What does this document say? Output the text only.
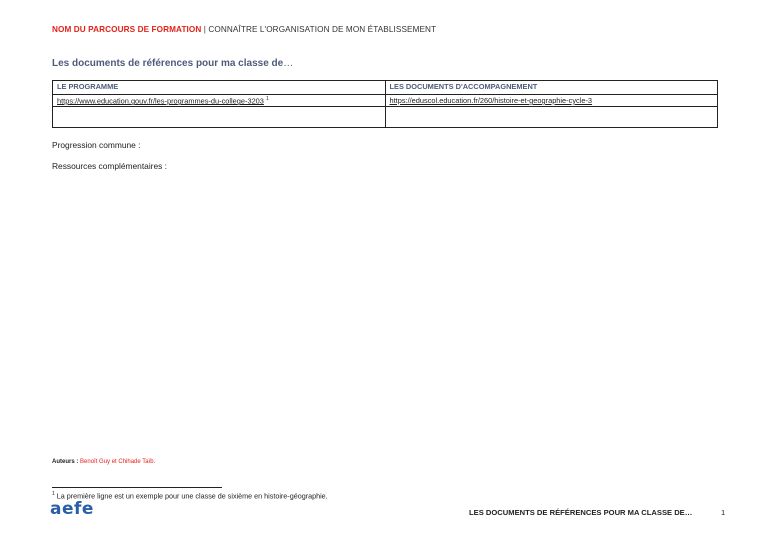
NOM DU PARCOURS DE FORMATION | CONNAÎTRE L'ORGANISATION DE MON ÉTABLISSEMENT
Les documents de références pour ma classe de…
LE PROGRAMME	LES DOCUMENTS D'ACCOMPAGNEMENT
https://www.education.gouv.fr/les-programmes-du-college-3203 $^1$	https://eduscol.education.fr/260/histoire-et-geographie-cycle-3

Progression commune :
Ressources complémentaires :
Auteurs : Benoît Guy et Chihade Taïb.
$^1$ La première ligne est un exemple pour une classe de sixième en histoire-géographie.
aefe	LES DOCUMENTS DE RÉFÉRENCES POUR MA CLASSE DE…	1
